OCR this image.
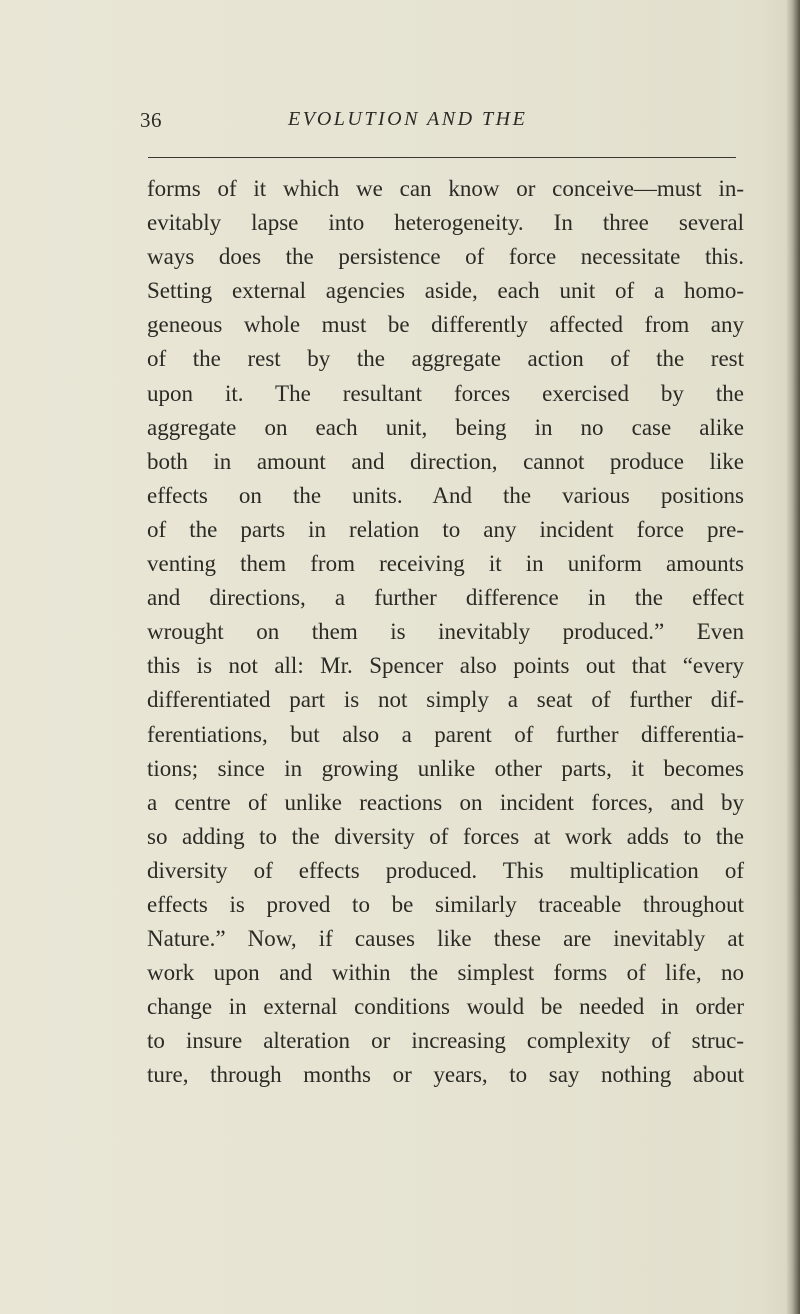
36	EVOLUTION AND THE
forms of it which we can know or conceive—must in-
evitably lapse into heterogeneity. In three several
ways does the persistence of force necessitate this.
Setting external agencies aside, each unit of a homo-
geneous whole must be differently affected from any
of the rest by the aggregate action of the rest
upon it. The resultant forces exercised by the
aggregate on each unit, being in no case alike
both in amount and direction, cannot produce like
effects on the units. And the various positions
of the parts in relation to any incident force pre-
venting them from receiving it in uniform amounts
and directions, a further difference in the effect
wrought on them is inevitably produced.” Even
this is not all: Mr. Spencer also points out that “every
differentiated part is not simply a seat of further dif-
ferentiations, but also a parent of further differentia-
tions; since in growing unlike other parts, it becomes
a centre of unlike reactions on incident forces, and by
so adding to the diversity of forces at work adds to the
diversity of effects produced. This multiplication of
effects is proved to be similarly traceable throughout
Nature.” Now, if causes like these are inevitably at
work upon and within the simplest forms of life, no
change in external conditions would be needed in order
to insure alteration or increasing complexity of struc-
ture, through months or years, to say nothing about
